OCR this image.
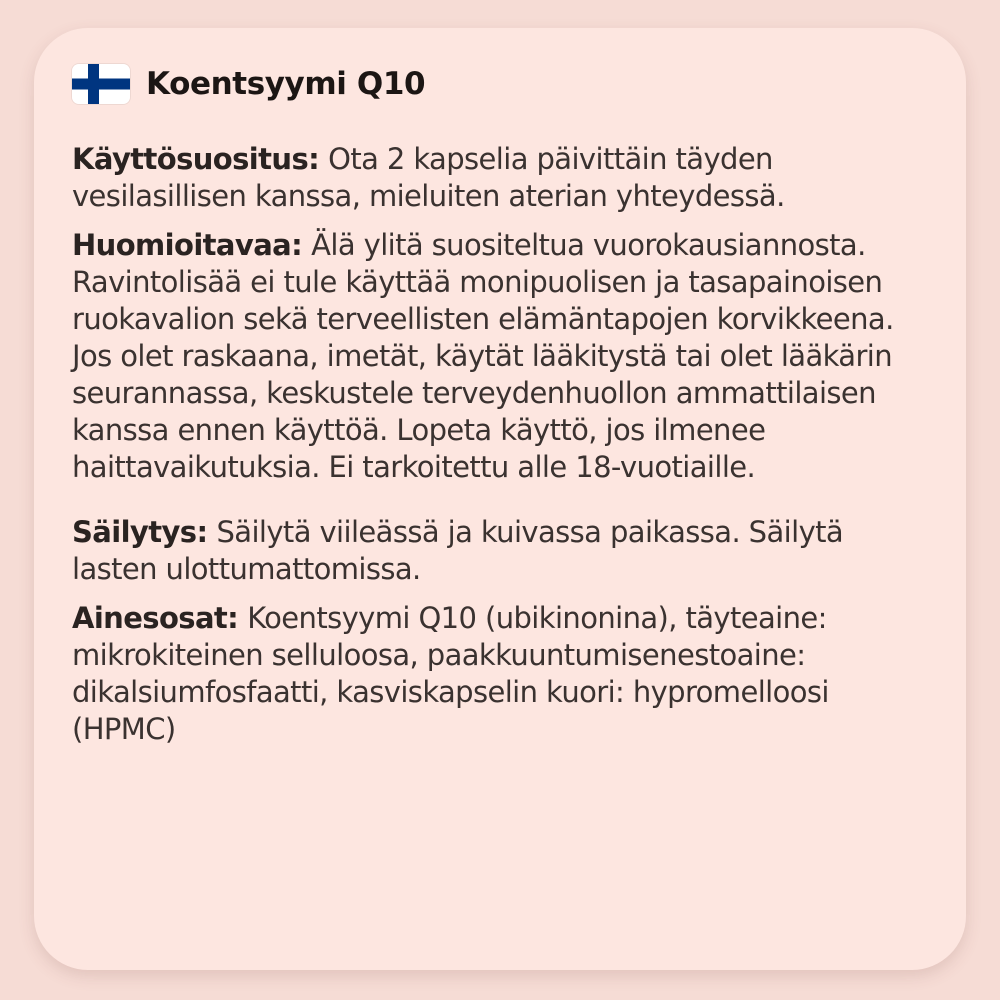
Koentsyymi Q10

Käyttösuositus: Ota 2 kapselia päivittäin täyden vesilasillisen kanssa, mieluiten aterian yhteydessä.

Huomioitavaa: Älä ylitä suositeltua vuorokausiannosta. Ravintolisää ei tule käyttää monipuolisen ja tasapainoisen ruokavalion sekä terveellisten elämäntapojen korvikkeena. Jos olet raskaana, imetät, käytät lääkitystä tai olet lääkärin seurannassa, keskustele terveydenhuollon ammattilaisen kanssa ennen käyttöä. Lopeta käyttö, jos ilmenee haittavaikutuksia. Ei tarkoitettu alle 18-vuotiaille.

Säilytys: Säilytä viileässä ja kuivassa paikassa. Säilytä lasten ulottumattomissa.

Ainesosat: Koentsyymi Q10 (ubikinonina), täyteaine: mikrokiteinen selluloosa, paakkuuntumisenestoaine: dikalsiumfosfaatti, kasviskapselin kuori: hypromelloosi (HPMC)
